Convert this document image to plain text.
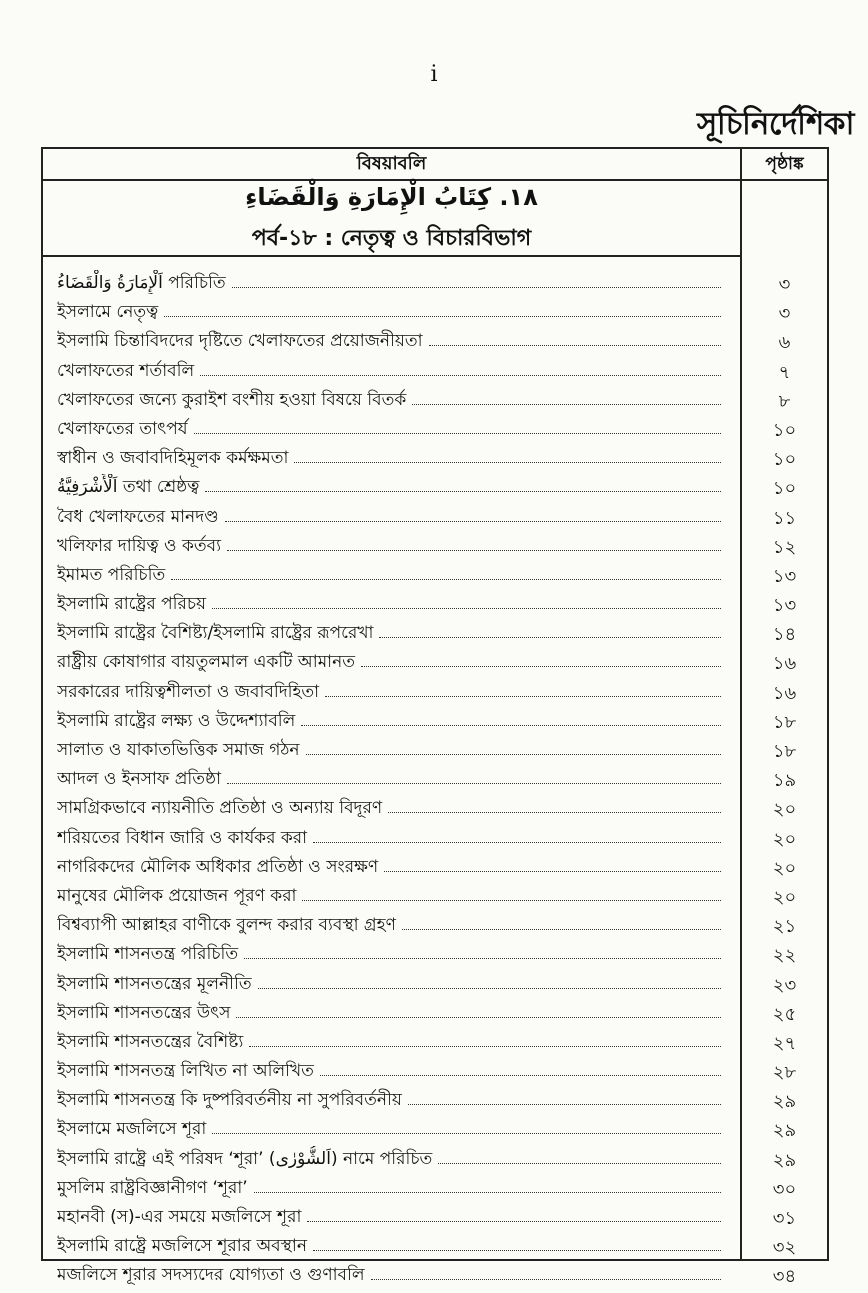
i
সূচিনির্দেশিকা
বিষয়াবলি	পৃষ্ঠাঙ্ক
١٨. كِتَابُ الْإِمَارَةِ وَالْقَضَاءِ
পর্ব-১৮ : নেতৃত্ব ও বিচারবিভাগ
اَلْإِمَارَةُ وَالْقَضَاءُ পরিচিতি	৩
ইসলামে নেতৃত্ব	৩
ইসলামি চিন্তাবিদদের দৃষ্টিতে খেলাফতের প্রয়োজনীয়তা	৬
খেলাফতের শর্তাবলি	৭
খেলাফতের জন্যে কুরাইশ বংশীয় হওয়া বিষয়ে বিতর্ক	৮
খেলাফতের তাৎপর্য	১০
স্বাধীন ও জবাবদিহিমূলক কর্মক্ষমতা	১০
اَلْأَشْرَفِيَّةُ তথা শ্রেষ্ঠত্ব	১০
বৈধ খেলাফতের মানদণ্ড	১১
খলিফার দায়িত্ব ও কর্তব্য	১২
ইমামত পরিচিতি	১৩
ইসলামি রাষ্ট্রের পরিচয়	১৩
ইসলামি রাষ্ট্রের বৈশিষ্ট্য/ইসলামি রাষ্ট্রের রূপরেখা	১৪
রাষ্ট্রীয় কোষাগার বায়তুলমাল একটি আমানত	১৬
সরকারের দায়িত্বশীলতা ও জবাবদিহিতা	১৬
ইসলামি রাষ্ট্রের লক্ষ্য ও উদ্দেশ্যাবলি	১৮
সালাত ও যাকাতভিত্তিক সমাজ গঠন	১৮
আদল ও ইনসাফ প্রতিষ্ঠা	১৯
সামগ্রিকভাবে ন্যায়নীতি প্রতিষ্ঠা ও অন্যায় বিদূরণ	২০
শরিয়তের বিধান জারি ও কার্যকর করা	২০
নাগরিকদের মৌলিক অধিকার প্রতিষ্ঠা ও সংরক্ষণ	২০
মানুষের মৌলিক প্রয়োজন পূরণ করা	২০
বিশ্বব্যাপী আল্লাহর বাণীকে বুলন্দ করার ব্যবস্থা গ্রহণ	২১
ইসলামি শাসনতন্ত্র পরিচিতি	২২
ইসলামি শাসনতন্ত্রের মূলনীতি	২৩
ইসলামি শাসনতন্ত্রের উৎস	২৫
ইসলামি শাসনতন্ত্রের বৈশিষ্ট্য	২৭
ইসলামি শাসনতন্ত্র লিখিত না অলিখিত	২৮
ইসলামি শাসনতন্ত্র কি দুষ্পরিবর্তনীয় না সুপরিবর্তনীয়	২৯
ইসলামে মজলিসে শূরা	২৯
ইসলামি রাষ্ট্রে এই পরিষদ ‘শূরা’ (اَلشُّوْرٰى) নামে পরিচিত	২৯
মুসলিম রাষ্ট্রবিজ্ঞানীগণ ‘শূরা’	৩০
মহানবী (স)-এর সময়ে মজলিসে শূরা	৩১
ইসলামি রাষ্ট্রে মজলিসে শূরার অবস্থান	৩২
মজলিসে শূরার সদস্যদের যোগ্যতা ও গুণাবলি	৩৪
